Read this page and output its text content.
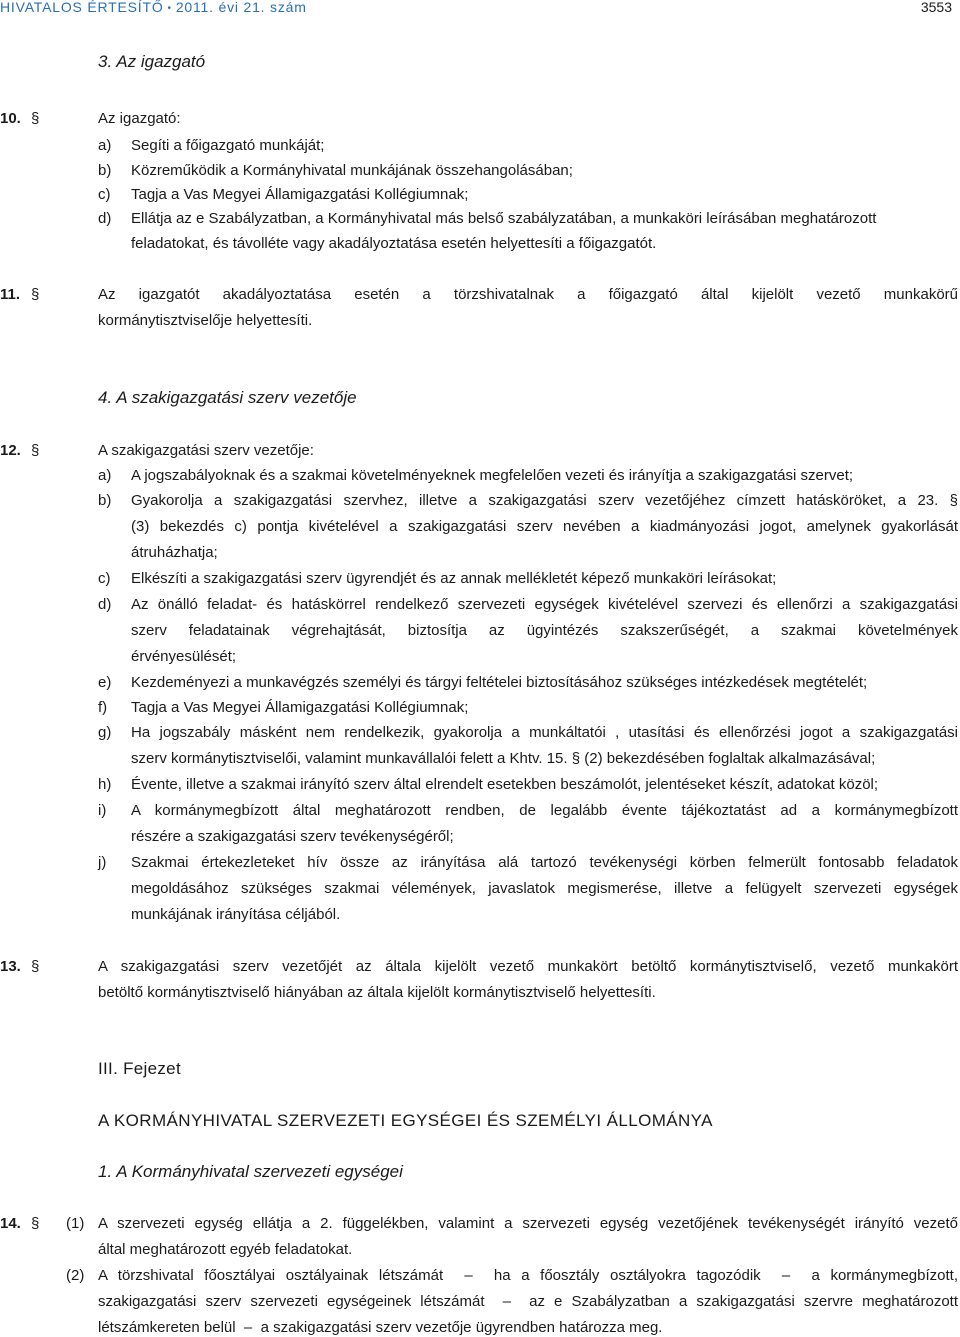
HIVATALOS ÉRTESÍTŐ • 2011. évi 21. szám	3553
3. Az igazgató
10. §	Az igazgató:
a) Segíti a főigazgató munkáját;
b) Közreműködik a Kormányhivatal munkájának összehangolásában;
c) Tagja a Vas Megyei Államigazgatási Kollégiumnak;
d) Ellátja az e Szabályzatban, a Kormányhivatal más belső szabályzatában, a munkaköri leírásában meghatározott
feladatokat, és távolléte vagy akadályoztatása esetén helyettesíti a főigazgatót.
11. §	Az igazgatót akadályoztatása esetén a törzshivatalnak a főigazgató által kijelölt vezető munkakörű
kormánytisztviselője helyettesíti.
4. A szakigazgatási szerv vezetője
12. §	A szakigazgatási szerv vezetője:
a) A jogszabályoknak és a szakmai követelményeknek megfelelően vezeti és irányítja a szakigazgatási szervet;
b) Gyakorolja a szakigazgatási szervhez, illetve a szakigazgatási szerv vezetőjéhez címzett hatásköröket, a 23. §
(3) bekezdés c) pontja kivételével a szakigazgatási szerv nevében a kiadmányozási jogot, amelynek gyakorlását
átruházhatja;
c) Elkészíti a szakigazgatási szerv ügyrendjét és az annak mellékletét képező munkaköri leírásokat;
d) Az önálló feladat- és hatáskörrel rendelkező szervezeti egységek kivételével szervezi és ellenőrzi a szakigazgatási
szerv feladatainak végrehajtását, biztosítja az ügyintézés szakszerűségét, a szakmai követelmények
érvényesülését;
e) Kezdeményezi a munkavégzés személyi és tárgyi feltételei biztosításához szükséges intézkedések megtételét;
f) Tagja a Vas Megyei Államigazgatási Kollégiumnak;
g) Ha jogszabály másként nem rendelkezik, gyakorolja a munkáltatói , utasítási és ellenőrzési jogot a szakigazgatási
szerv kormánytisztviselői, valamint munkavállalói felett a Khtv. 15. § (2) bekezdésében foglaltak alkalmazásával;
h) Évente, illetve a szakmai irányító szerv által elrendelt esetekben beszámolót, jelentéseket készít, adatokat közöl;
i) A kormánymegbízott által meghatározott rendben, de legalább évente tájékoztatást ad a kormánymegbízott
részére a szakigazgatási szerv tevékenységéről;
j) Szakmai értekezleteket hív össze az irányítása alá tartozó tevékenységi körben felmerült fontosabb feladatok
megoldásához szükséges szakmai vélemények, javaslatok megismerése, illetve a felügyelt szervezeti egységek
munkájának irányítása céljából.
13. §	A szakigazgatási szerv vezetőjét az általa kijelölt vezető munkakört betöltő kormánytisztviselő, vezető munkakört
betöltő kormánytisztviselő hiányában az általa kijelölt kormánytisztviselő helyettesíti.
III. Fejezet
A KORMÁNYHIVATAL SZERVEZETI EGYSÉGEI ÉS SZEMÉLYI ÁLLOMÁNYA
1. A Kormányhivatal szervezeti egységei
14. § (1) A szervezeti egység ellátja a 2. függelékben, valamint a szervezeti egység vezetőjének tevékenységét irányító vezető
által meghatározott egyéb feladatokat.
(2) A törzshivatal főosztályai osztályainak létszámát  –  ha a főosztály osztályokra tagozódik  –  a kormánymegbízott,
szakigazgatási szerv szervezeti egységeinek létszámát  –  az e Szabályzatban a szakigazgatási szervre meghatározott
létszámkereten belül  –  a szakigazgatási szerv vezetője ügyrendben határozza meg.
